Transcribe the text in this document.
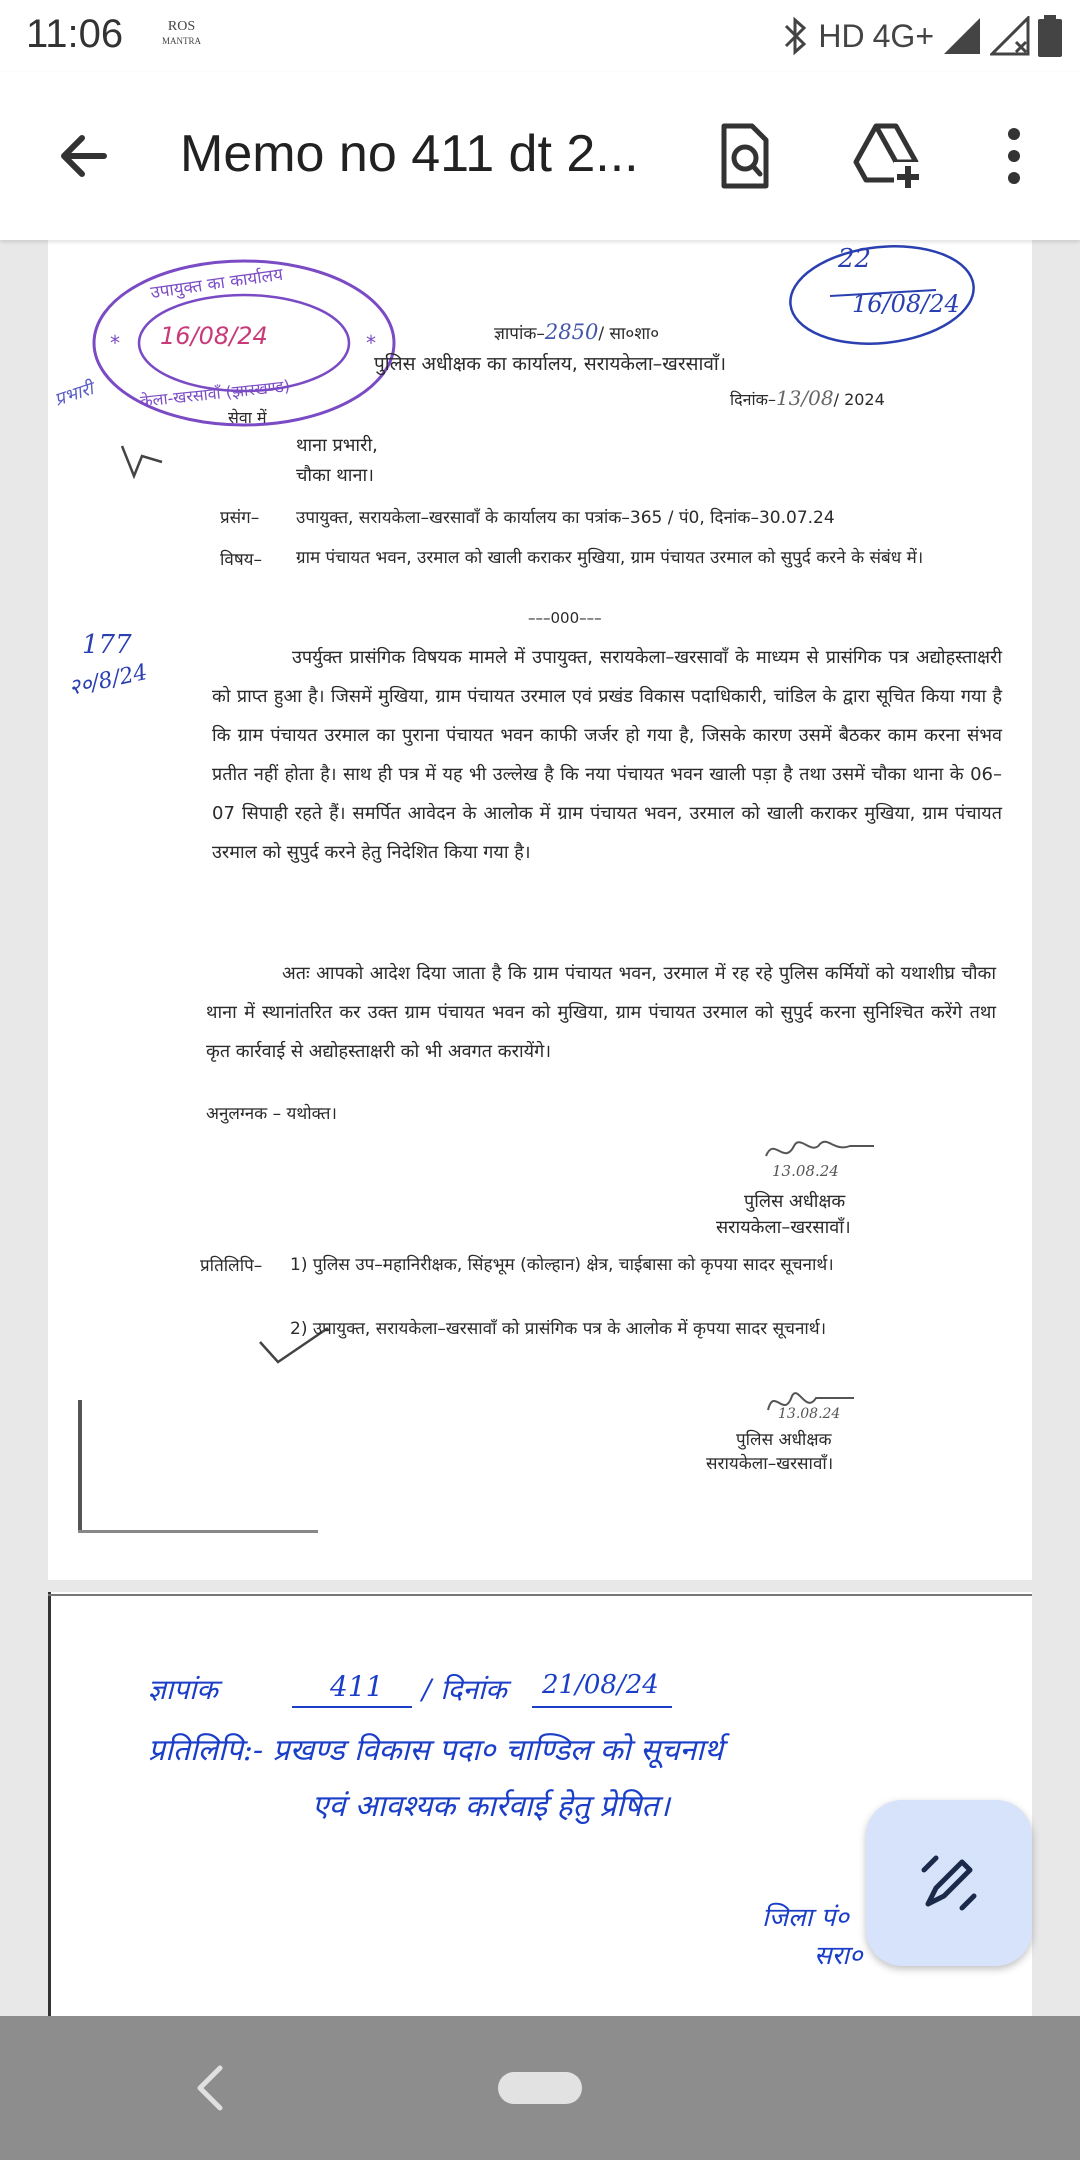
11:06	ROS
MANTRA	HD 4G+
Memo no 411 dt 2...
*	*
उपायुक्त का कार्यालय
16/08/24
केला-खरसावाँ (झारखण्ड)
22
16/08/24
ज्ञापांक–2850/ सा०शा०
पुलिस अधीक्षक का कार्यालय, सरायकेला–खरसावाँ।
दिनांक–13/08/ 2024
सेवा में
प्रभारी
थाना प्रभारी,
चौका थाना।
प्रसंग– उपायुक्त, सरायकेला–खरसावाँ के कार्यालय का पत्रांक–365 / पं0, दिनांक–30.07.24
विषय– ग्राम पंचायत भवन, उरमाल को खाली कराकर मुखिया, ग्राम पंचायत उरमाल को सुपुर्द करने के संबंध में।
–––000–––
177
२०/8/24
उपर्युक्त प्रासंगिक विषयक मामले में उपायुक्त, सरायकेला–खरसावाँ के माध्यम से प्रासंगिक पत्र अद्योहस्ताक्षरी को प्राप्त हुआ है। जिसमें मुखिया, ग्राम पंचायत उरमाल एवं प्रखंड विकास पदाधिकारी, चांडिल के द्वारा सूचित किया गया है कि ग्राम पंचायत उरमाल का पुराना पंचायत भवन काफी जर्जर हो गया है, जिसके कारण उसमें बैठकर काम करना संभव प्रतीत नहीं होता है। साथ ही पत्र में यह भी उल्लेख है कि नया पंचायत भवन खाली पड़ा है तथा उसमें चौका थाना के 06–07 सिपाही रहते हैं। समर्पित आवेदन के आलोक में ग्राम पंचायत भवन, उरमाल को खाली कराकर मुखिया, ग्राम पंचायत उरमाल को सुपुर्द करने हेतु निदेशित किया गया है।
अतः आपको आदेश दिया जाता है कि ग्राम पंचायत भवन, उरमाल में रह रहे पुलिस कर्मियों को यथाशीघ्र चौका थाना में स्थानांतरित कर उक्त ग्राम पंचायत भवन को मुखिया, ग्राम पंचायत उरमाल को सुपुर्द करना सुनिश्चित करेंगे तथा कृत कार्रवाई से अद्योहस्ताक्षरी को भी अवगत करायेंगे।
अनुलग्नक – यथोक्त।
13.08.24
पुलिस अधीक्षक
सरायकेला–खरसावाँ।
प्रतिलिपि– 1) पुलिस उप–महानिरीक्षक, सिंहभूम (कोल्हान) क्षेत्र, चाईबासा को कृपया सादर सूचनार्थ।
2) उपायुक्त, सरायकेला–खरसावाँ को प्रासंगिक पत्र के आलोक में कृपया सादर सूचनार्थ।
13.08.24
पुलिस अधीक्षक
सरायकेला–खरसावाँ।
ज्ञापांक	411 / दिनांक 21/08/24
प्रतिलिपि:- प्रखण्ड विकास पदा० चाण्डिल को सूचनार्थ
एवं आवश्यक कार्रवाई हेतु प्रेषित।
जिला पं०
सरा०
